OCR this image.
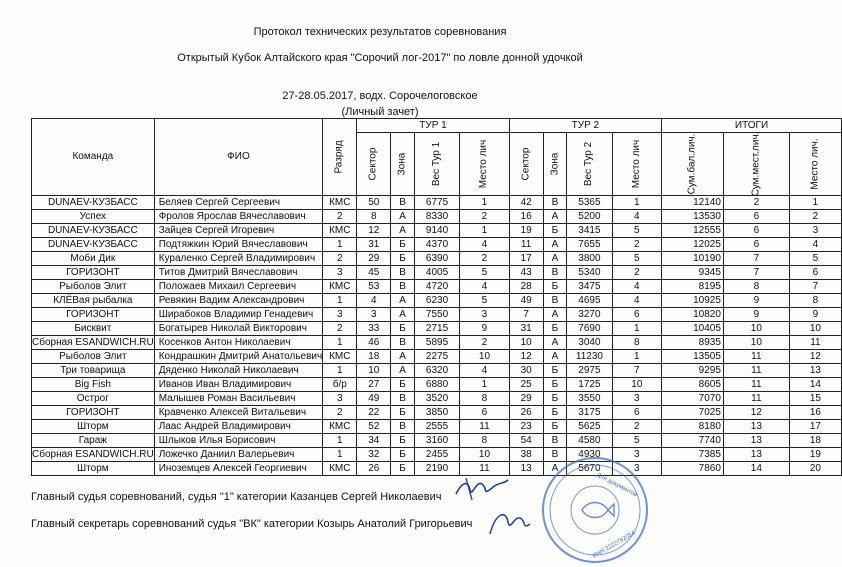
Протокол технических результатов соревнования
Открытый Кубок Алтайского края "Сорочий лог-2017" по ловле донной удочкой
27-28.05.2017, водх. Сорочелоговское
(Личный зачет)
Команда	ФИО	Разряд	ТУР 1				ТУР 2				ИТОГИ		
			Сектор	Зона	Вес Тур 1	Место лич	Сектор	Зона	Вес Тур 2	Место лич	Сум.бал.лич.	Сум.мест.лич.	Место лич.
DUNAEV-КУЗБАСС	Беляев Сергей Сергеевич	КМС	50	В	6775	1	42	В	5365	1	12140	2	1
Успех	Фролов Ярослав Вячеславович	2	8	А	8330	2	16	А	5200	4	13530	6	2
DUNAEV-КУЗБАСС	Зайцев Сергей Игоревич	КМС	12	А	9140	1	19	Б	3415	5	12555	6	3
DUNAEV-КУЗБАСС	Подтяжкин Юрий Вячеславович	1	31	Б	4370	4	11	А	7655	2	12025	6	4
Моби Дик	Кураленко Сергей Владимирович	2	29	Б	6390	2	17	А	3800	5	10190	7	5
ГОРИЗОНТ	Титов Дмитрий Вячеславович	3	45	В	4005	5	43	В	5340	2	9345	7	6
Рыболов Элит	Положаев Михаил Сергеевич	КМС	53	В	4720	4	28	Б	3475	4	8195	8	7
КЛЁВая рыбалка	Ревякин Вадим Александрович	1	4	А	6230	5	49	В	4695	4	10925	9	8
ГОРИЗОНТ	Ширабоков Владимир Генадевич	3	3	А	7550	3	7	А	3270	6	10820	9	9
Бисквит	Богатырев Николай Викторович	2	33	Б	2715	9	31	Б	7690	1	10405	10	10
Сборная ESANDWICH.RU	Косенков Антон Николаевич	1	46	В	5895	2	10	А	3040	8	8935	10	11
Рыболов Элит	Кондрашкин Дмитрий Анатольевич	КМС	18	А	2275	10	12	А	11230	1	13505	11	12
Три товарища	Дяденко Николай Николаевич	1	10	А	6320	4	30	Б	2975	7	9295	11	13
Big Fish	Иванов Иван Владимирович	б/р	27	Б	6880	1	25	Б	1725	10	8605	11	14
Острог	Малышев Роман Васильевич	3	49	В	3520	8	29	Б	3550	3	7070	11	15
ГОРИЗОНТ	Кравченко Алексей Витальевич	2	22	Б	3850	6	26	Б	3175	6	7025	12	16
Шторм	Лаас Андрей Владимирович	КМС	52	В	2555	11	23	Б	5625	2	8180	13	17
Гараж	Шлыков Илья Борисович	1	34	Б	3160	8	54	В	4580	5	7740	13	18
Сборная ESANDWICH.RU	Ложечко Даниил Валерьевич	1	32	Б	2455	10	38	В	4930	3	7385	13	19
Шторм	Иноземцев Алексей Георгиевич	КМС	26	Б	2190	11	13	А	5670	3	7860	14	20
Главный судья соревнований, судья "1" категории Казанцев Сергей Николаевич
Главный секретарь соревнований судья "ВК" категории Козырь Анатолий Григорьевич
Для документов
ИНН 2222792054
